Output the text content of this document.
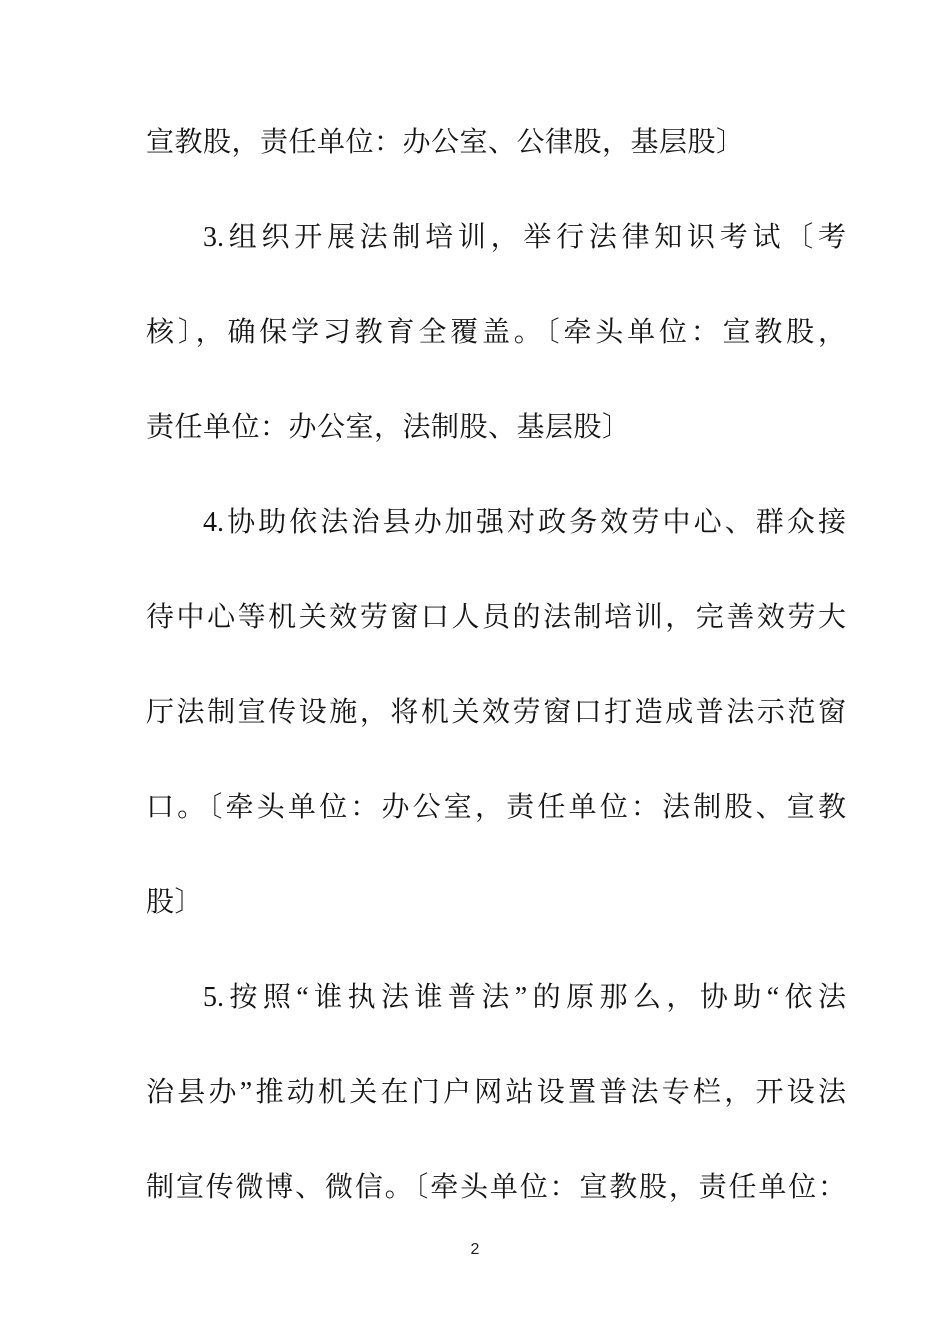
宣教股，责任单位：办公室、公律股，基层股〕
3.组织开展法制培训，举行法律知识考试〔考
核〕，确保学习教育全覆盖。〔牵头单位：宣教股，
责任单位：办公室，法制股、基层股〕
4.协助依法治县办加强对政务效劳中心、群众接
待中心等机关效劳窗口人员的法制培训，完善效劳大
厅法制宣传设施，将机关效劳窗口打造成普法示范窗
口。〔牵头单位：办公室，责任单位：法制股、宣教
股〕
5.按照“谁执法谁普法”的原那么，协助“依法
治县办”推动机关在门户网站设置普法专栏，开设法
制宣传微博、微信。〔牵头单位：宣教股，责任单位：
2
